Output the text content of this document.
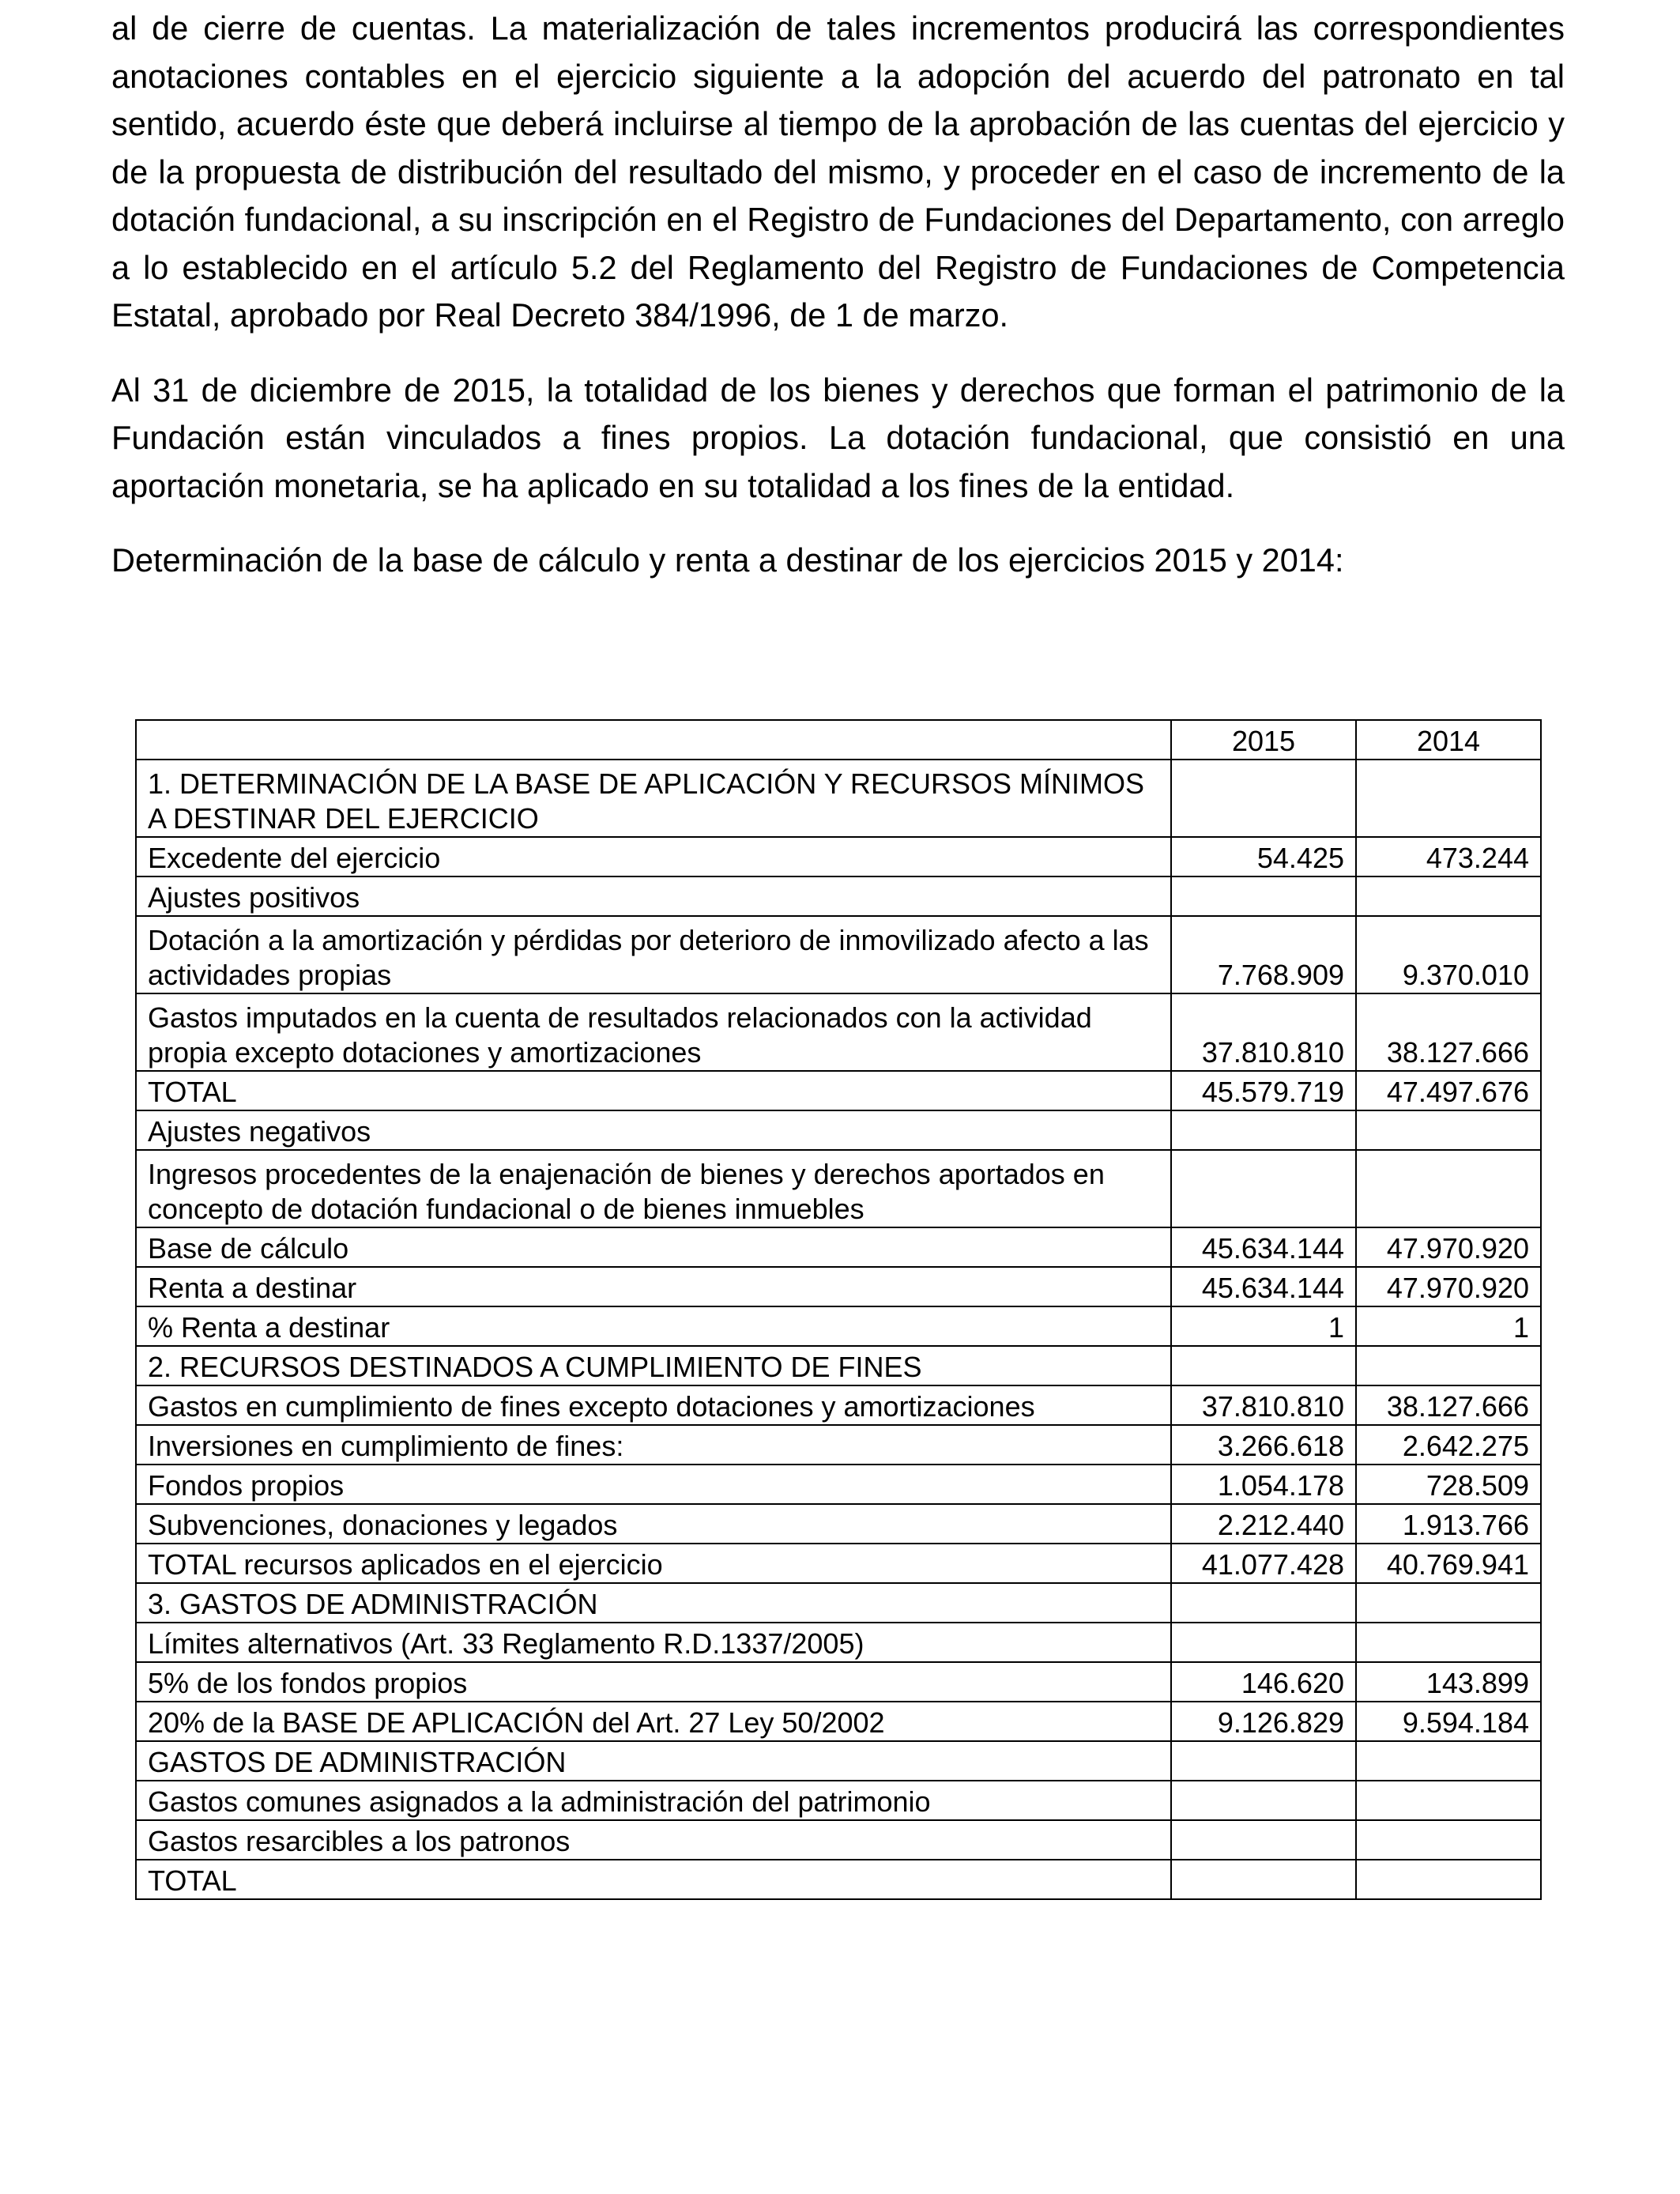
al de cierre de cuentas. La materialización de tales incrementos producirá las correspondientes anotaciones contables en el ejercicio siguiente a la adopción del acuerdo del patronato en tal sentido, acuerdo éste que deberá incluirse al tiempo de la aprobación de las cuentas del ejercicio y de la propuesta de distribución del resultado del mismo, y proceder en el caso de incremento de la dotación fundacional, a su inscripción en el Registro de Fundaciones del Departamento, con arreglo a lo establecido en el artículo 5.2 del Reglamento del Registro de Fundaciones de Competencia Estatal, aprobado por Real Decreto 384/1996, de 1 de marzo.

Al 31 de diciembre de 2015, la totalidad de los bienes y derechos que forman el patrimonio de la Fundación están vinculados a fines propios. La dotación fundacional, que consistió en una aportación monetaria, se ha aplicado en su totalidad a los fines de la entidad.

Determinación de la base de cálculo y renta a destinar de los ejercicios 2015 y 2014:

	2015	2014
1. DETERMINACIÓN DE LA BASE DE APLICACIÓN Y RECURSOS MÍNIMOS A DESTINAR DEL EJERCICIO		
Excedente del ejercicio	54.425	473.244
Ajustes positivos		
Dotación a la amortización y pérdidas por deterioro de inmovilizado afecto a las actividades propias	7.768.909	9.370.010
Gastos imputados en la cuenta de resultados relacionados con la actividad propia excepto dotaciones y amortizaciones	37.810.810	38.127.666
TOTAL	45.579.719	47.497.676
Ajustes negativos		
Ingresos procedentes de la enajenación de bienes y derechos aportados en concepto de dotación fundacional o de bienes inmuebles		
Base de cálculo	45.634.144	47.970.920
Renta a destinar	45.634.144	47.970.920
% Renta a destinar	1	1
2. RECURSOS DESTINADOS A CUMPLIMIENTO DE FINES		
Gastos en cumplimiento de fines excepto dotaciones y amortizaciones	37.810.810	38.127.666
Inversiones en cumplimiento de fines:	3.266.618	2.642.275
Fondos propios	1.054.178	728.509
Subvenciones, donaciones y legados	2.212.440	1.913.766
TOTAL recursos aplicados en el ejercicio	41.077.428	40.769.941
3. GASTOS DE ADMINISTRACIÓN		
Límites alternativos (Art. 33 Reglamento R.D.1337/2005)		
5% de los fondos propios	146.620	143.899
20% de la BASE DE APLICACIÓN del Art. 27 Ley 50/2002	9.126.829	9.594.184
GASTOS DE ADMINISTRACIÓN		
Gastos comunes asignados a la administración del patrimonio		
Gastos resarcibles a los patronos		
TOTAL		
